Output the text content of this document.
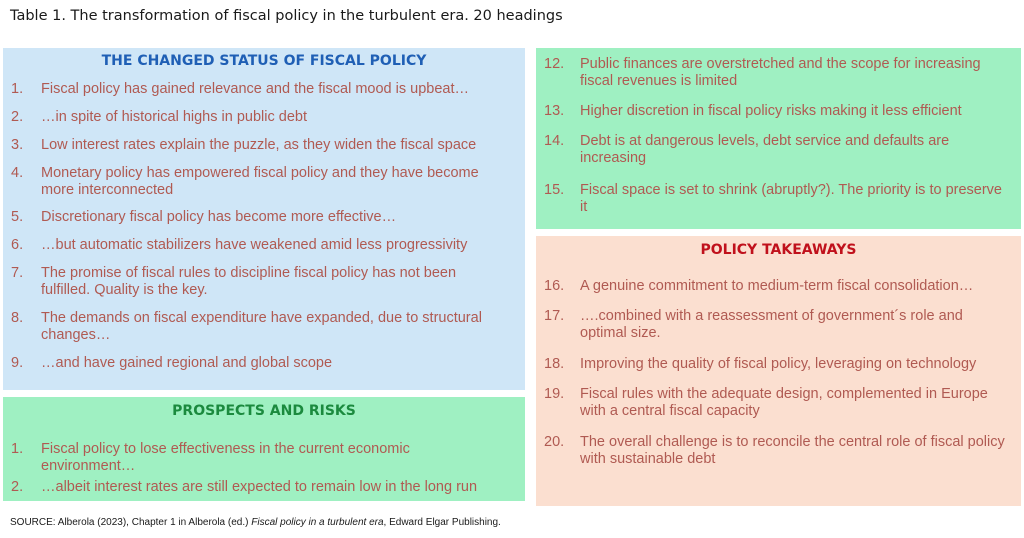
Table 1. The transformation of fiscal policy in the turbulent era. 20 headings
THE CHANGED STATUS OF FISCAL POLICY
1. Fiscal policy has gained relevance and the fiscal mood is upbeat…
2. …in spite of historical highs in public debt
3. Low interest rates explain the puzzle, as they widen the fiscal space
4. Monetary policy has empowered fiscal policy and they have become
more interconnected
5. Discretionary fiscal policy has become more effective…
6. …but automatic stabilizers have weakened amid less progressivity
7. The promise of fiscal rules to discipline fiscal policy has not been
fulfilled. Quality is the key.
8. The demands on fiscal expenditure have expanded, due to structural
changes…
9. …and have gained regional and global scope
PROSPECTS AND RISKS
1. Fiscal policy to lose effectiveness in the current economic
environment…
2. …albeit interest rates are still expected to remain low in the long run
12. Public finances are overstretched and the scope for increasing
fiscal revenues is limited
13. Higher discretion in fiscal policy risks making it less efficient
14. Debt is at dangerous levels, debt service and defaults are
increasing
15. Fiscal space is set to shrink (abruptly?). The priority is to preserve
it
POLICY TAKEAWAYS
16. A genuine commitment to medium-term fiscal consolidation…
17. ….combined with a reassessment of government´s role and
optimal size.
18. Improving the quality of fiscal policy, leveraging on technology
19. Fiscal rules with the adequate design, complemented in Europe
with a central fiscal capacity
20. The overall challenge is to reconcile the central role of fiscal policy
with sustainable debt
SOURCE: Alberola (2023), Chapter 1 in Alberola (ed.) Fiscal policy in a turbulent era, Edward Elgar Publishing.
